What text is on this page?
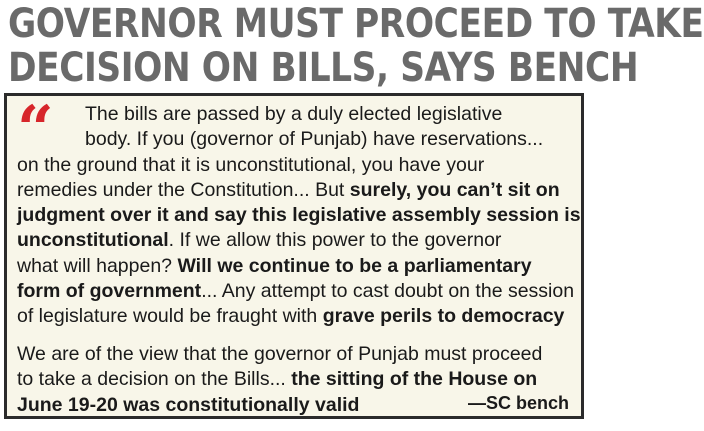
GOVERNOR MUST PROCEED TO TAKE
DECISION ON BILLS, SAYS BENCH
“	The bills are passed by a duly elected legislative
body. If you (governor of Punjab) have reservations...
on the ground that it is unconstitutional, you have your
remedies under the Constitution... But surely, you can’t sit on
judgment over it and say this legislative assembly session is
unconstitutional. If we allow this power to the governor
what will happen? Will we continue to be a parliamentary
form of government... Any attempt to cast doubt on the session
of legislature would be fraught with grave perils to democracy
We are of the view that the governor of Punjab must proceed
to take a decision on the Bills... the sitting of the House on
June 19-20 was constitutionally valid	—SC bench
